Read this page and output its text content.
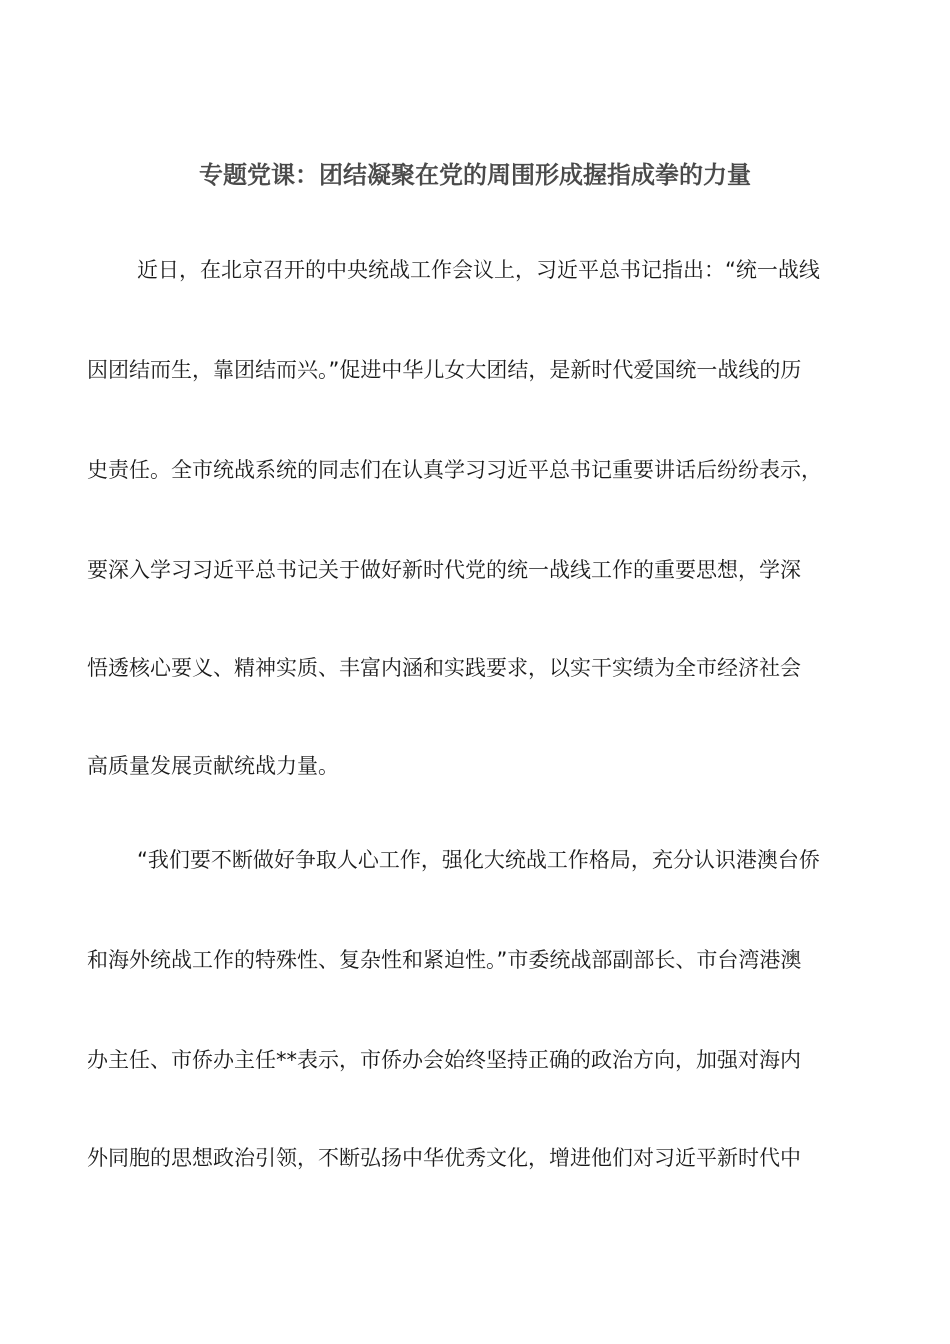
专题党课：团结凝聚在党的周围形成握指成拳的力量

近日，在北京召开的中央统战工作会议上，习近平总书记指出：“统一战线

因团结而生，靠团结而兴。”促进中华儿女大团结，是新时代爱国统一战线的历

史责任。全市统战系统的同志们在认真学习习近平总书记重要讲话后纷纷表示，

要深入学习习近平总书记关于做好新时代党的统一战线工作的重要思想，学深

悟透核心要义、精神实质、丰富内涵和实践要求，以实干实绩为全市经济社会

高质量发展贡献统战力量。

“我们要不断做好争取人心工作，强化大统战工作格局，充分认识港澳台侨

和海外统战工作的特殊性、复杂性和紧迫性。”市委统战部副部长、市台湾港澳

办主任、市侨办主任**表示，市侨办会始终坚持正确的政治方向，加强对海内

外同胞的思想政治引领，不断弘扬中华优秀文化，增进他们对习近平新时代中
